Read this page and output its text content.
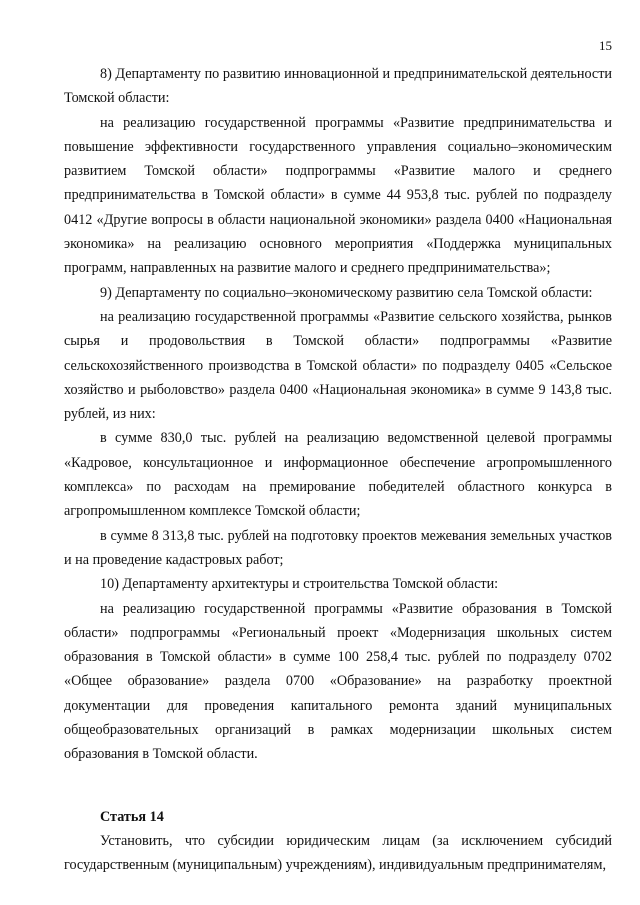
15

8) Департаменту по развитию инновационной и предпринимательской деятельности Томской области:

на реализацию государственной программы «Развитие предпринимательства и повышение эффективности государственного управления социально–экономическим развитием Томской области» подпрограммы «Развитие малого и среднего предпринимательства в Томской области» в сумме 44 953,8 тыс. рублей по подразделу 0412 «Другие вопросы в области национальной экономики» раздела 0400 «Национальная экономика» на реализацию основного мероприятия «Поддержка муниципальных программ, направленных на развитие малого и среднего предпринимательства»;

9) Департаменту по социально–экономическому развитию села Томской области:

на реализацию государственной программы «Развитие сельского хозяйства, рынков сырья и продовольствия в Томской области» подпрограммы «Развитие сельскохозяйственного производства в Томской области» по подразделу 0405 «Сельское хозяйство и рыболовство» раздела 0400 «Национальная экономика» в сумме 9 143,8 тыс. рублей, из них:

в сумме 830,0 тыс. рублей на реализацию ведомственной целевой программы «Кадровое, консультационное и информационное обеспечение агропромышленного комплекса» по расходам на премирование победителей областного конкурса в агропромышленном комплексе Томской области;

в сумме 8 313,8 тыс. рублей на подготовку проектов межевания земельных участков и на проведение кадастровых работ;

10) Департаменту архитектуры и строительства Томской области:

на реализацию государственной программы «Развитие образования в Томской области» подпрограммы «Региональный проект «Модернизация школьных систем образования в Томской области» в сумме 100 258,4 тыс. рублей по подразделу 0702 «Общее образование» раздела 0700 «Образование» на разработку проектной документации для проведения капитального ремонта зданий муниципальных общеобразовательных организаций в рамках модернизации школьных систем образования в Томской области.

Статья 14

Установить, что субсидии юридическим лицам (за исключением субсидий государственным (муниципальным) учреждениям), индивидуальным предпринимателям,
